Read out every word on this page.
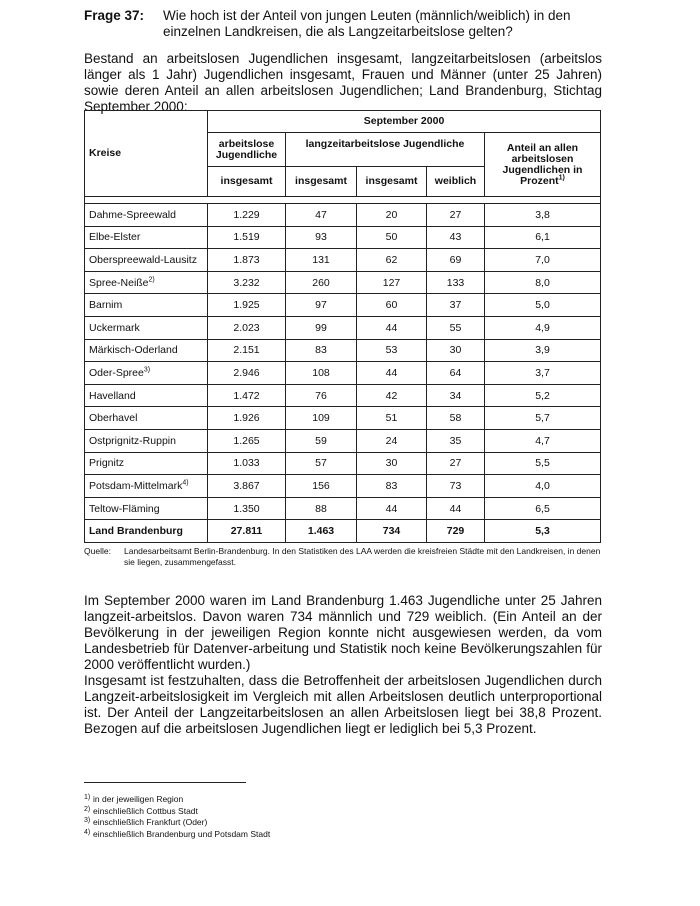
Frage 37: Wie hoch ist der Anteil von jungen Leuten (männlich/weiblich) in den einzelnen Landkreisen, die als Langzeitarbeitslose gelten?
Bestand an arbeitslosen Jugendlichen insgesamt, langzeitarbeitslosen (arbeitslos länger als 1 Jahr) Jugendlichen insgesamt, Frauen und Männer (unter 25 Jahren) sowie deren Anteil an allen arbeitslosen Jugendlichen; Land Brandenburg, Stichtag September 2000:
Kreise	September 2000				
	arbeitslose Jugendliche	langzeitarbeitslose Jugendliche			Anteil an allen arbeitslosen Jugendlichen in Prozent$^{1)}$
	insgesamt	insgesamt	insgesamt	weiblich	

Dahme-Spreewald	1.229	47	20	27	3,8
Elbe-Elster	1.519	93	50	43	6,1
Oberspreewald-Lausitz	1.873	131	62	69	7,0
Spree-Neiße$^{2)}$	3.232	260	127	133	8,0
Barnim	1.925	97	60	37	5,0
Uckermark	2.023	99	44	55	4,9
Märkisch-Oderland	2.151	83	53	30	3,9
Oder-Spree$^{3)}$	2.946	108	44	64	3,7
Havelland	1.472	76	42	34	5,2
Oberhavel	1.926	109	51	58	5,7
Ostprignitz-Ruppin	1.265	59	24	35	4,7
Prignitz	1.033	57	30	27	5,5
Potsdam-Mittelmark$^{4)}$	3.867	156	83	73	4,0
Teltow-Fläming	1.350	88	44	44	6,5
Land Brandenburg	27.811	1.463	734	729	5,3
Quelle: Landesarbeitsamt Berlin-Brandenburg. In den Statistiken des LAA werden die kreisfreien Städte mit den Landkreisen, in denen sie liegen, zusammengefasst.

Im September 2000 waren im Land Brandenburg 1.463 Jugendliche unter 25 Jahren langzeit-arbeitslos. Davon waren 734 männlich und 729 weiblich. (Ein Anteil an der Bevölkerung in der jeweiligen Region konnte nicht ausgewiesen werden, da vom Landesbetrieb für Datenver-arbeitung und Statistik noch keine Bevölkerungszahlen für 2000 veröffentlicht wurden.)

Insgesamt ist festzuhalten, dass die Betroffenheit der arbeitslosen Jugendlichen durch Langzeit-arbeitslosigkeit im Vergleich mit allen Arbeitslosen deutlich unterproportional ist. Der Anteil der Langzeitarbeitslosen an allen Arbeitslosen liegt bei 38,8 Prozent. Bezogen auf die arbeitslosen Jugendlichen liegt er lediglich bei 5,3 Prozent.

1) in der jeweiligen Region
2) einschließlich Cottbus Stadt
3) einschließlich Frankfurt (Oder)
4) einschließlich Brandenburg und Potsdam Stadt
